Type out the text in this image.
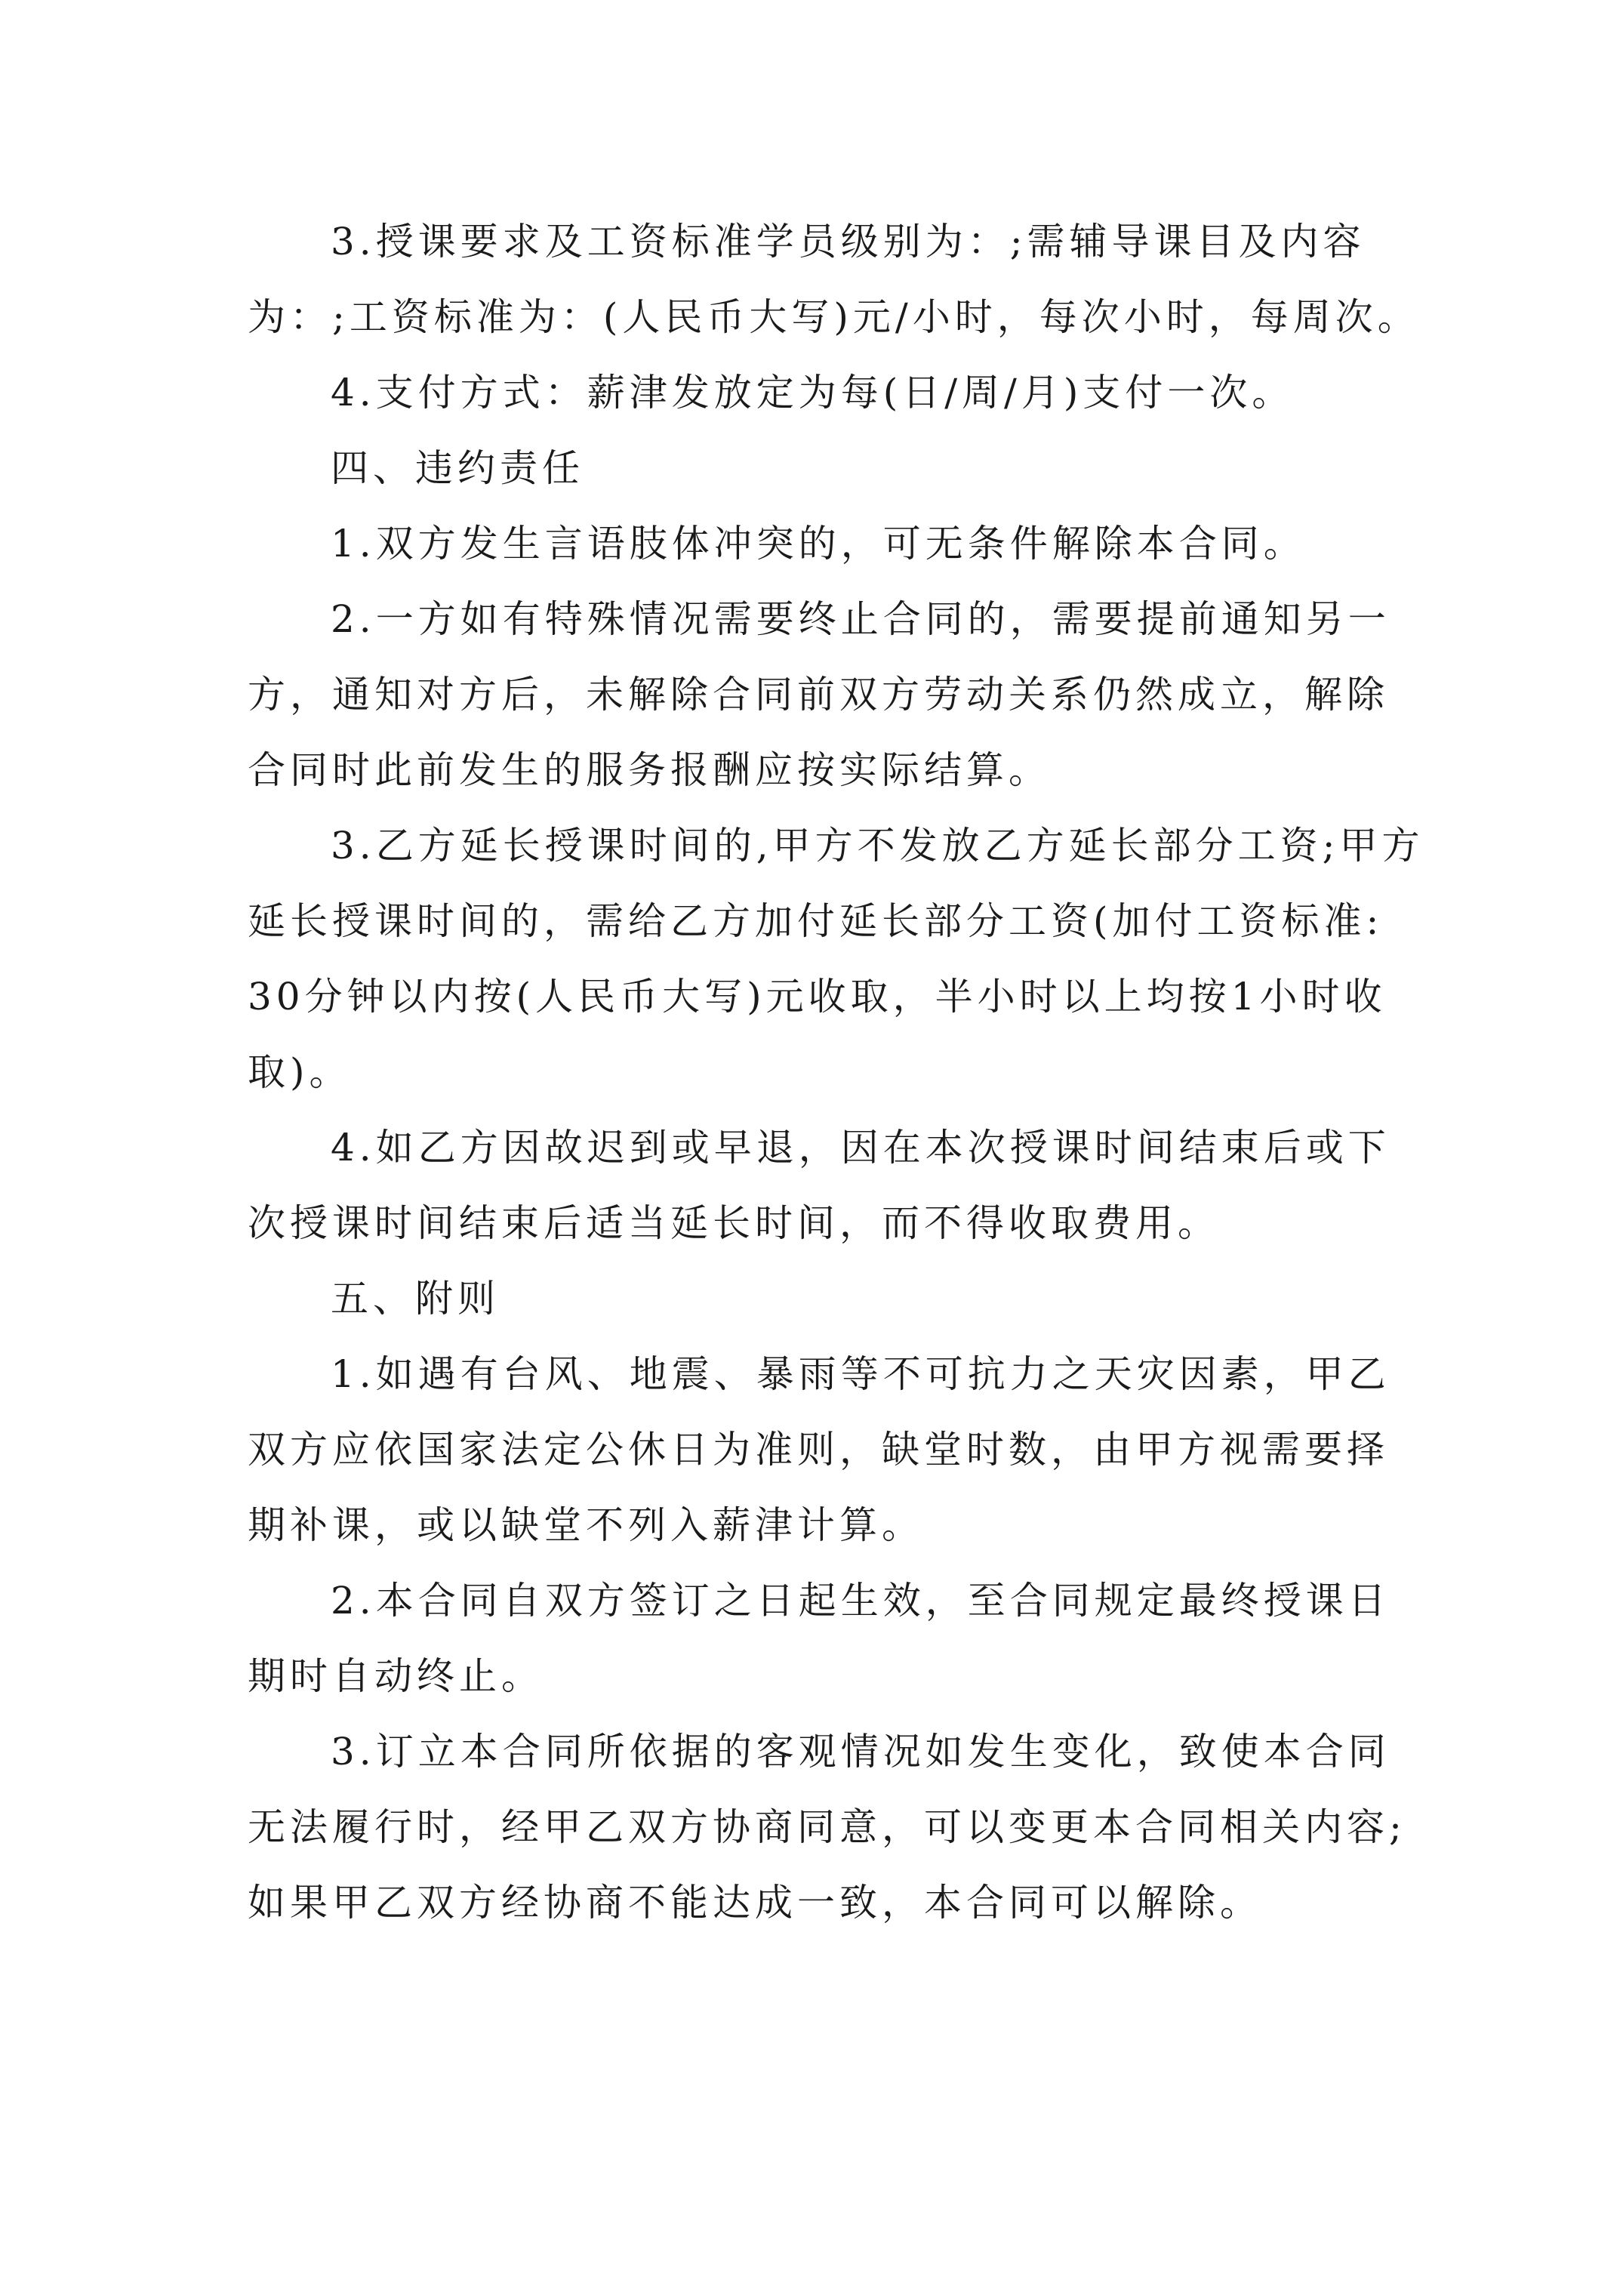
3.授课要求及工资标准学员级别为：;需辅导课目及内容为：;工资标准为：(人民币大写)元/小时，每次小时，每周次。

4.支付方式：薪津发放定为每(日/周/月)支付一次。

四、违约责任

1.双方发生言语肢体冲突的，可无条件解除本合同。

2.一方如有特殊情况需要终止合同的，需要提前通知另一方，通知对方后，未解除合同前双方劳动关系仍然成立，解除合同时此前发生的服务报酬应按实际结算。

3.乙方延长授课时间的,甲方不发放乙方延长部分工资;甲方延长授课时间的，需给乙方加付延长部分工资(加付工资标准: 30分钟以内按(人民币大写)元收取，半小时以上均按1小时收取)。

4.如乙方因故迟到或早退，因在本次授课时间结束后或下次授课时间结束后适当延长时间，而不得收取费用。

五、附则

1.如遇有台风、地震、暴雨等不可抗力之天灾因素，甲乙双方应依国家法定公休日为准则，缺堂时数，由甲方视需要择期补课，或以缺堂不列入薪津计算。

2.本合同自双方签订之日起生效，至合同规定最终授课日期时自动终止。

3.订立本合同所依据的客观情况如发生变化，致使本合同无法履行时，经甲乙双方协商同意，可以变更本合同相关内容;如果甲乙双方经协商不能达成一致，本合同可以解除。
